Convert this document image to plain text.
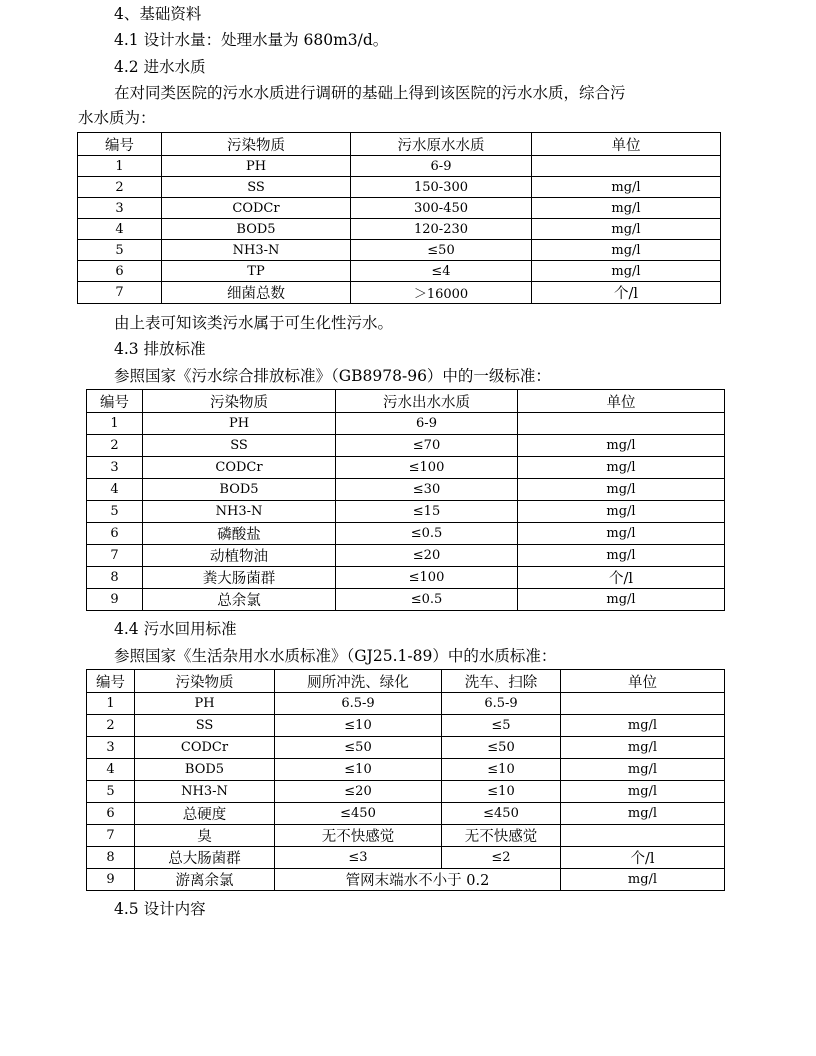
4、基础资料
4.1 设计水量：处理水量为 680m3/d。
4.2 进水水质
在对同类医院的污水水质进行调研的基础上得到该医院的污水水质，综合污
水水质为：
编号	污染物质	污水原水水质	单位
1	PH	6-9	
2	SS	150-300	mg/l
3	CODCr	300-450	mg/l
4	BOD5	120-230	mg/l
5	NH3-N	≤50	mg/l
6	TP	≤4	mg/l
7	细菌总数	＞16000	个/l
由上表可知该类污水属于可生化性污水。
4.3 排放标准
参照国家《污水综合排放标准》（GB8978-96）中的一级标准：
编号	污染物质	污水出水水质	单位
1	PH	6-9	
2	SS	≤70	mg/l
3	CODCr	≤100	mg/l
4	BOD5	≤30	mg/l
5	NH3-N	≤15	mg/l
6	磷酸盐	≤0.5	mg/l
7	动植物油	≤20	mg/l
8	粪大肠菌群	≤100	个/l
9	总余氯	≤0.5	mg/l
4.4 污水回用标准
参照国家《生活杂用水水质标准》（GJ25.1-89）中的水质标准：
编号	污染物质	厕所冲洗、绿化	洗车、扫除	单位
1	PH	6.5-9	6.5-9	
2	SS	≤10	≤5	mg/l
3	CODCr	≤50	≤50	mg/l
4	BOD5	≤10	≤10	mg/l
5	NH3-N	≤20	≤10	mg/l
6	总硬度	≤450	≤450	mg/l
7	臭	无不快感觉	无不快感觉	
8	总大肠菌群	≤3	≤2	个/l
9	游离余氯	管网末端水不小于 0.2		mg/l
4.5 设计内容
